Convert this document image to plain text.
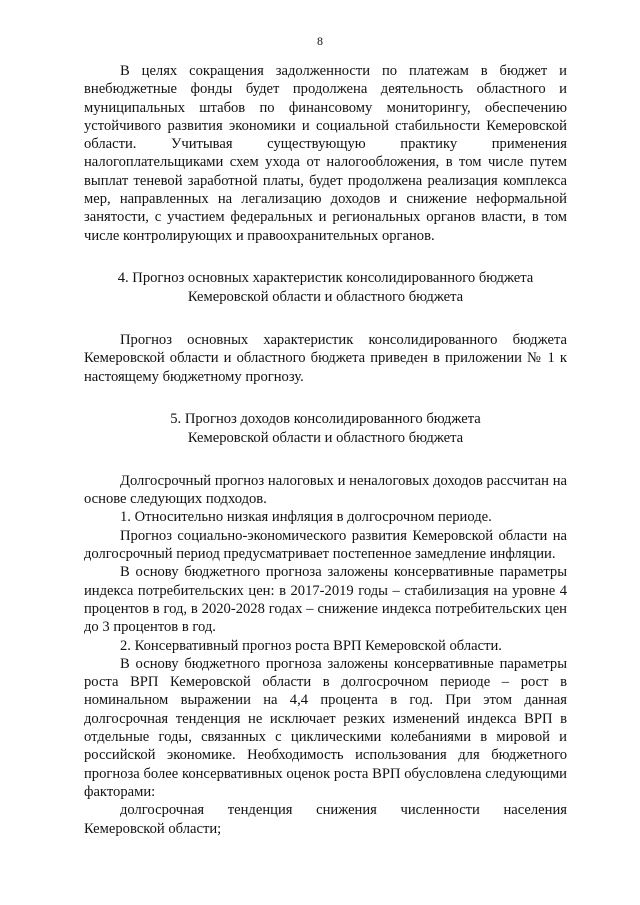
8

В целях сокращения задолженности по платежам в бюджет и внебюджетные фонды будет продолжена деятельность областного и муниципальных штабов по финансовому мониторингу, обеспечению устойчивого развития экономики и социальной стабильности Кемеровской области. Учитывая существующую практику применения налогоплательщиками схем ухода от налогообложения, в том числе путем выплат теневой заработной платы, будет продолжена реализация комплекса мер, направленных на легализацию доходов и снижение неформальной занятости, с участием федеральных и региональных органов власти, в том числе контролирующих и правоохранительных органов.

4. Прогноз основных характеристик консолидированного бюджета
Кемеровской области и областного бюджета

Прогноз основных характеристик консолидированного бюджета Кемеровской области и областного бюджета приведен в приложении № 1 к настоящему бюджетному прогнозу.

5. Прогноз доходов консолидированного бюджета
Кемеровской области и областного бюджета

Долгосрочный прогноз налоговых и неналоговых доходов рассчитан на основе следующих подходов.

1. Относительно низкая инфляция в долгосрочном периоде.

Прогноз социально-экономического развития Кемеровской области на долгосрочный период предусматривает постепенное замедление инфляции.

В основу бюджетного прогноза заложены консервативные параметры индекса потребительских цен: в 2017-2019 годы – стабилизация на уровне 4 процентов в год, в 2020-2028 годах – снижение индекса потребительских цен до 3 процентов в год.

2. Консервативный прогноз роста ВРП Кемеровской области.

В основу бюджетного прогноза заложены консервативные параметры роста ВРП Кемеровской области в долгосрочном периоде – рост в номинальном выражении на 4,4 процента в год. При этом данная долгосрочная тенденция не исключает резких изменений индекса ВРП в отдельные годы, связанных с циклическими колебаниями в мировой и российской экономике. Необходимость использования для бюджетного прогноза более консервативных оценок роста ВРП обусловлена следующими факторами:

долгосрочная тенденция снижения численности населения Кемеровской области;
